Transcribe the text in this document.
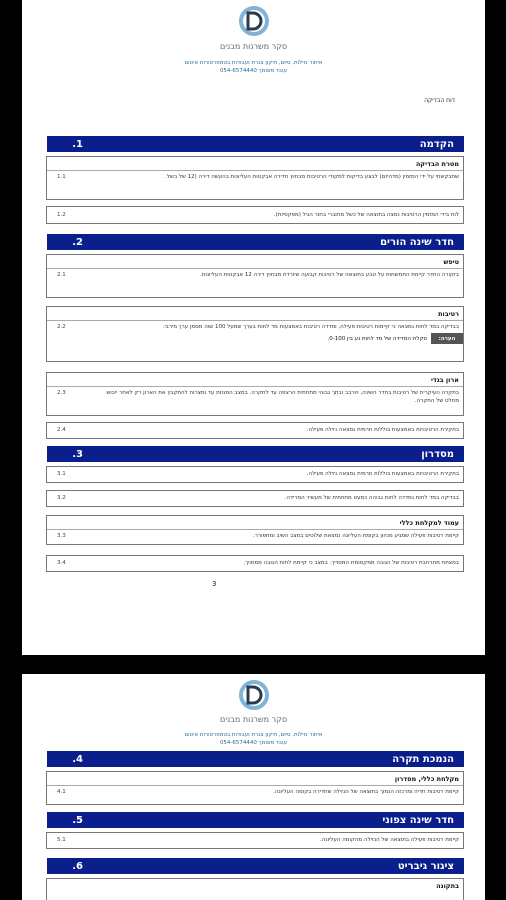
סקר משרנות מבנים
איתור נזילות, סיום, תיקון צנרת ועבודות בטמפרטורות איטום
עובד מוסמך 054-6574440
דוח הבדיקה
הקדמה
1.
מטרת הבדיקה
שתבקשתי על ידי המזמין (מדהיזם) לבצע בדיקות למקודי הרטיבות מבחוץ חדירה אבקטות העליונות בהעשה דירה (12 של בשל.
1.1
לוח בידי המזמין הרטיבות נמצה בתוצאה של כשל מחוברי בחור הגיל (מפקסיות).
1.2
חדר שינה הורים
2.
טיפש
בזקורה החדר קיימת התמשחות על טבע בתוצאה של רטיבות קבועה שיורדת מבחוץ דירה 12 אבקטות העליונות.
2.1
רטיבות
בבדיקה במד לחות נמצאה כי קיימות רטיבות פעילה, ומדדה רטיבות באמצעות מד לחות בערך שמעל 100 שוה מסמן ערך מירבי.
2.2
הערה:
סקלת המדידה של מד לחות נע בין 0-100.
ארון בגדי
בתקרה העיקרית של רטיבות בחדר השינה, ויורבב ובתך גבוהי מתחתית הרצפה עד לתקרה. במצב המנוזת עד ומצרות להתקבץ את הארון רק לאחר ייבוש מחלט של התקרה.
2.3
בתקירת הרטיבויות באמצעות בוללות חרמית נמצאה נזילה פעילה.
2.4
מסדרון
3.
בתקירת הרטיבויות באמצעות בוללות חרמית נמצאה נזילה פעילה.
3.1
בבדיקה במד לחות נמדדה לחות גבוהה כמעט מתחתית של מעשיר המרידה.
3.2
עמוד למקלחת כללי
קיימת רטיבות פעילה שמגיע מכיוון בקומת העליונה נמצאת שלוטים במצב השיב ומתפורר.
3.3
במצתח מתרחבת רטיבות של הגובה ממקסומת המסוייך. במצב כי קיימת לחות הגובה ממסויך.
3.4
3
סקר משרנות מבנים
איתור נזילות, סיום, תיקון צנרת ועבודות בטמפרטורות איטום
עובד מוסמך 054-6574440
הנמכת תקרה
4.
מקלחת כללי, מסדרון
קיימת רטיבות חדיה ומרכזה הנמוך בתוצאה של הנזילה שחדירה בקומה העליונה.
4.1
חדר שינה צפוני
5.
קיימת רטיבות פעילה בתוצאה של הנזילה מהקומה העליונה.
5.1
ציגור גיבריט
6.
בתקונה
